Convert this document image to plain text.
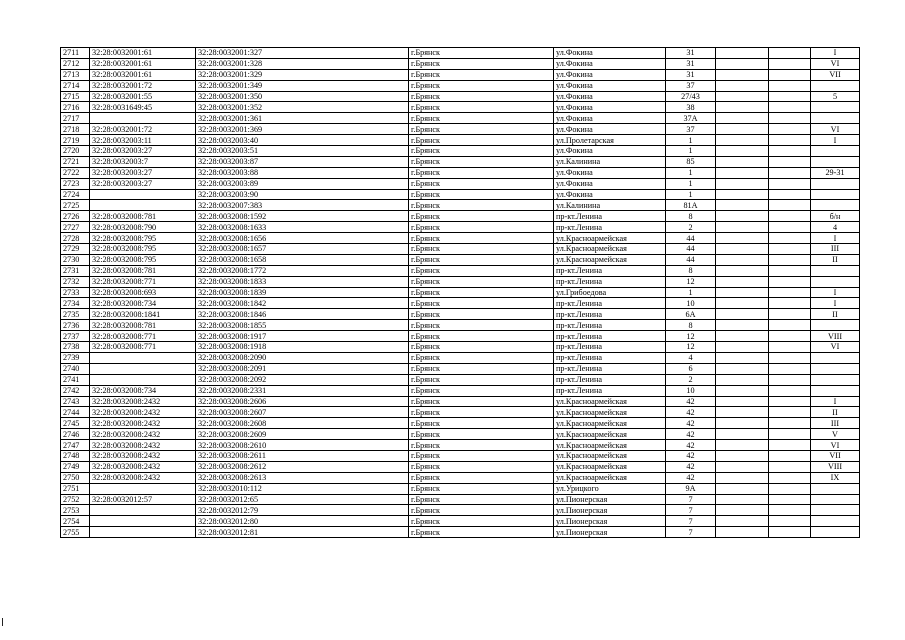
2711	32:28:0032001:61	32:28:0032001:327	г.Брянск	ул.Фокина	31			I
2712	32:28:0032001:61	32:28:0032001:328	г.Брянск	ул.Фокина	31			VI
2713	32:28:0032001:61	32:28:0032001:329	г.Брянск	ул.Фокина	31			VII
2714	32:28:0032001:72	32:28:0032001:349	г.Брянск	ул.Фокина	37			
2715	32:28:0032001:55	32:28:0032001:350	г.Брянск	ул.Фокина	27/43			5
2716	32:28:0031649:45	32:28:0032001:352	г.Брянск	ул.Фокина	38			
2717		32:28:0032001:361	г.Брянск	ул.Фокина	37А			
2718	32:28:0032001:72	32:28:0032001:369	г.Брянск	ул.Фокина	37			VI
2719	32:28:0032003:11	32:28:0032003:40	г.Брянск	ул.Пролетарская	1			I
2720	32:28:0032003:27	32:28:0032003:51	г.Брянск	ул.Фокина	1			
2721	32:28:0032003:7	32:28:0032003:87	г.Брянск	ул.Калинина	85			
2722	32:28:0032003:27	32:28:0032003:88	г.Брянск	ул.Фокина	1			29-31
2723	32:28:0032003:27	32:28:0032003:89	г.Брянск	ул.Фокина	1			
2724		32:28:0032003:90	г.Брянск	ул.Фокина	1			
2725		32:28:0032007:383	г.Брянск	ул.Калинина	81А			
2726	32:28:0032008:781	32:28:0032008:1592	г.Брянск	пр-кт.Ленина	8			б/н
2727	32:28:0032008:790	32:28:0032008:1633	г.Брянск	пр-кт.Ленина	2			4
2728	32:28:0032008:795	32:28:0032008:1656	г.Брянск	ул.Красноармейская	44			I
2729	32:28:0032008:795	32:28:0032008:1657	г.Брянск	ул.Красноармейская	44			III
2730	32:28:0032008:795	32:28:0032008:1658	г.Брянск	ул.Красноармейская	44			II
2731	32:28:0032008:781	32:28:0032008:1772	г.Брянск	пр-кт.Ленина	8			
2732	32:28:0032008:771	32:28:0032008:1833	г.Брянск	пр-кт.Ленина	12			
2733	32:28:0032008:693	32:28:0032008:1839	г.Брянск	ул.Грибоедова	1			I
2734	32:28:0032008:734	32:28:0032008:1842	г.Брянск	пр-кт.Ленина	10			I
2735	32:28:0032008:1841	32:28:0032008:1846	г.Брянск	пр-кт.Ленина	6А			II
2736	32:28:0032008:781	32:28:0032008:1855	г.Брянск	пр-кт.Ленина	8			
2737	32:28:0032008:771	32:28:0032008:1917	г.Брянск	пр-кт.Ленина	12			VIII
2738	32:28:0032008:771	32:28:0032008:1918	г.Брянск	пр-кт.Ленина	12			VI
2739		32:28:0032008:2090	г.Брянск	пр-кт.Ленина	4			
2740		32:28:0032008:2091	г.Брянск	пр-кт.Ленина	6			
2741		32:28:0032008:2092	г.Брянск	пр-кт.Ленина	2			
2742	32:28:0032008:734	32:28:0032008:2331	г.Брянск	пр-кт.Ленина	10			
2743	32:28:0032008:2432	32:28:0032008:2606	г.Брянск	ул.Красноармейская	42			I
2744	32:28:0032008:2432	32:28:0032008:2607	г.Брянск	ул.Красноармейская	42			II
2745	32:28:0032008:2432	32:28:0032008:2608	г.Брянск	ул.Красноармейская	42			III
2746	32:28:0032008:2432	32:28:0032008:2609	г.Брянск	ул.Красноармейская	42			V
2747	32:28:0032008:2432	32:28:0032008:2610	г.Брянск	ул.Красноармейская	42			VI
2748	32:28:0032008:2432	32:28:0032008:2611	г.Брянск	ул.Красноармейская	42			VII
2749	32:28:0032008:2432	32:28:0032008:2612	г.Брянск	ул.Красноармейская	42			VIII
2750	32:28:0032008:2432	32:28:0032008:2613	г.Брянск	ул.Красноармейская	42			IX
2751		32:28:0032010:112	г.Брянск	ул.Урицкого	9А			
2752	32:28:0032012:57	32:28:0032012:65	г.Брянск	ул.Пионерская	7			
2753		32:28:0032012:79	г.Брянск	ул.Пионерская	7			
2754		32:28:0032012:80	г.Брянск	ул.Пионерская	7			
2755		32:28:0032012:81	г.Брянск	ул.Пионерская	7			
